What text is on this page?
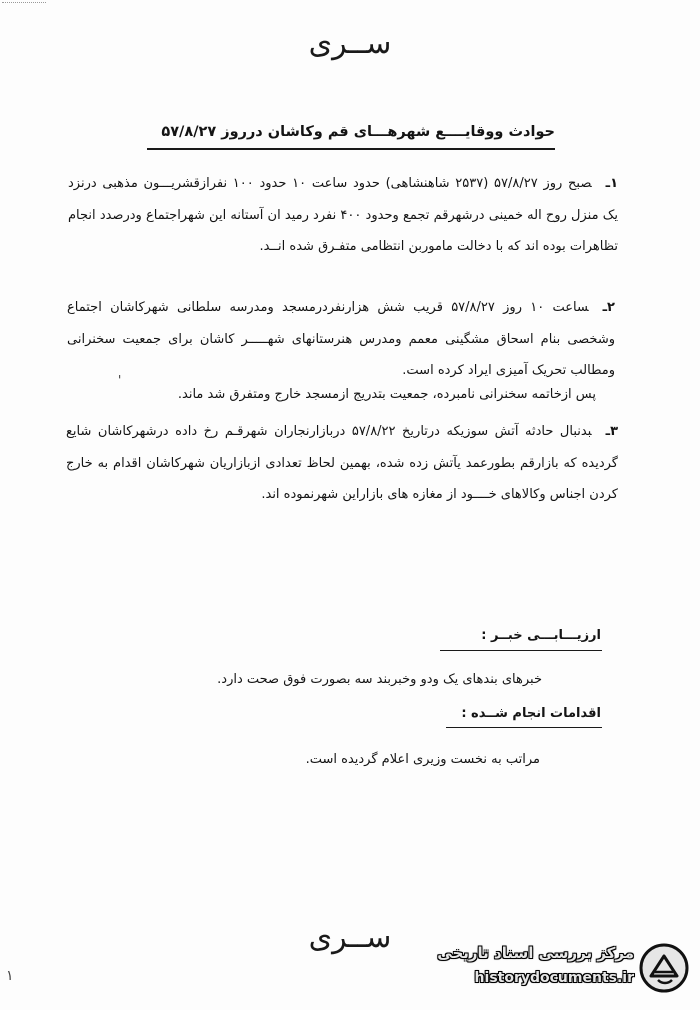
ســرى
حوادث ووقایــــع شهرهـــای قم وکاشان درروز ۵۷/۸/۲۷
۱ـصبح روز ۵۷/۸/۲۷ (۲۵۳۷ شاهنشاهی) حدود ساعت ۱۰ حدود ۱۰۰ نفرازقشریـــون مذهبی درنزد یک منزل روح اله خمینی درشهرقم تجمع وحدود ۴۰۰ نفرد رمید ان آستانه این شهراجتماع ودرصدد انجام تظاهرات بوده اند که با دخالت ماموربن انتظامی متفـرق شده انــد.
۲ـساعت ۱۰ روز ۵۷/۸/۲۷ قریب شش هزارنفردرمسجد ومدرسه سلطانی شهرکاشان اجتماع وشخصی بنام اسحاق مشگینی معمم ومدرس هنرستانهای شهـــــر کاشان برای جمعیت سخنرانی ومطالب تحریک آمیزی ایراد کرده است.
'
پس ازخاتمه سخنرانی نامبرده، جمعیت بتدریج ازمسجد خارج ومتفرق شد ماند.
۳ـبدنبال حادثه آتش سوزیکه درتاریخ ۵۷/۸/۲۲ دربازارنجاران شهرقـم رخ داده درشهرکاشان شایع گردیده که بازارقم بطورعمد یآتش زده شده، بهمین لحاظ تعدادی ازبازاریان شهرکاشان اقدام به خارج کردن اجناس وکالاهای خــــود از مغازه های بازاراین شهرنموده اند.
ارزیـــابـــی خبــر :
خبرهای بندهای یک ودو وخبربند سه بصورت فوق صحت دارد.
اقدامات انجام شــده :
مراتب به نخست وزیری اعلام گردیده است.
ســرى
۱
مرکز بررسی اسناد تاریخی
historydocuments.ir
